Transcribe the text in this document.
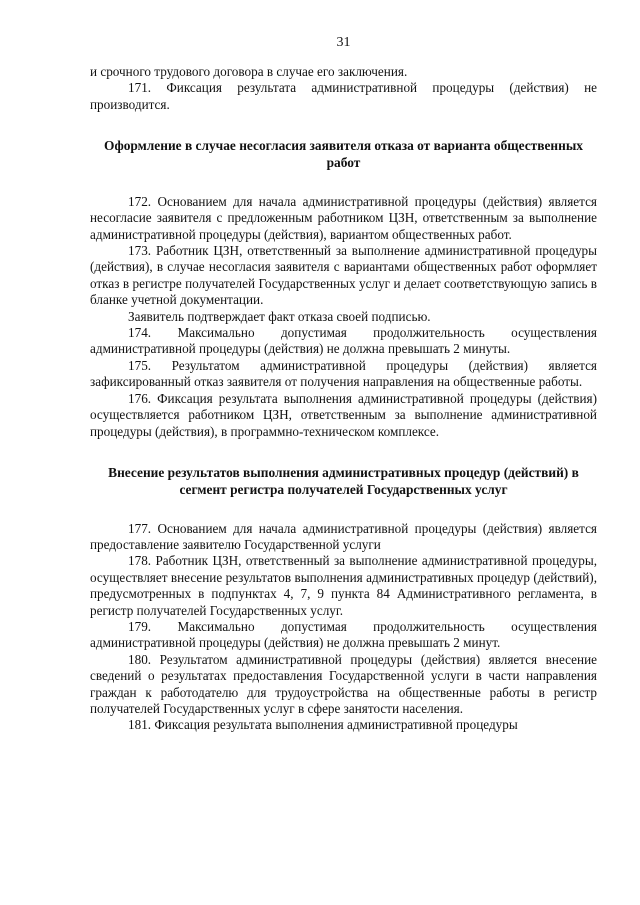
31

и срочного трудового договора в случае его заключения.

171. Фиксация результата административной процедуры (действия) не производится.

Оформление в случае несогласия заявителя отказа от варианта общественных работ

172. Основанием для начала административной процедуры (действия) является несогласие заявителя с предложенным работником ЦЗН, ответственным за выполнение административной процедуры (действия), вариантом общественных работ.

173. Работник ЦЗН, ответственный за выполнение административной процедуры (действия), в случае несогласия заявителя с вариантами общественных работ оформляет отказ в регистре получателей Государственных услуг и делает соответствующую запись в бланке учетной документации.

Заявитель подтверждает факт отказа своей подписью.

174. Максимально допустимая продолжительность осуществления административной процедуры (действия) не должна превышать 2 минуты.

175. Результатом административной процедуры (действия) является зафиксированный отказ заявителя от получения направления на общественные работы.

176. Фиксация результата выполнения административной процедуры (действия) осуществляется работником ЦЗН, ответственным за выполнение административной процедуры (действия), в программно-техническом комплексе.

Внесение результатов выполнения административных процедур (действий) в сегмент регистра получателей Государственных услуг

177. Основанием для начала административной процедуры (действия) является предоставление заявителю Государственной услуги

178. Работник ЦЗН, ответственный за выполнение административной процедуры, осуществляет внесение результатов выполнения административных процедур (действий), предусмотренных в подпунктах 4, 7, 9 пункта 84 Административного регламента, в регистр получателей Государственных услуг.

179. Максимально допустимая продолжительность осуществления административной процедуры (действия) не должна превышать 2 минут.

180. Результатом административной процедуры (действия) является внесение сведений о результатах предоставления Государственной услуги в части направления граждан к работодателю для трудоустройства на общественные работы в регистр получателей Государственных услуг в сфере занятости населения.

181. Фиксация результата выполнения административной процедуры
